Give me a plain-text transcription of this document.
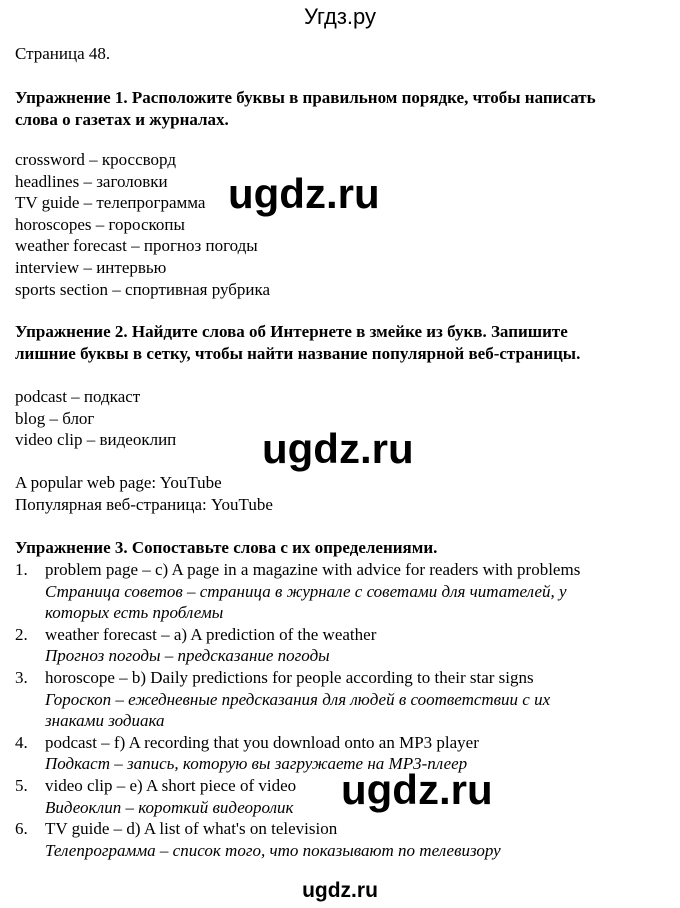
Угдз.ру
Страница 48.
Упражнение 1. Расположите буквы в правильном порядке, чтобы написать
слова о газетах и журналах.
crossword – кроссворд
headlines – заголовки
TV guide – телепрограмма
horoscopes – гороскопы
weather forecast – прогноз погоды
interview – интервью
sports section – спортивная рубрика
Упражнение 2. Найдите слова об Интернете в змейке из букв. Запишите
лишние буквы в сетку, чтобы найти название популярной веб-страницы.
podcast – подкаст
blog – блог
video clip – видеоклип
A popular web page: YouTube
Популярная веб-страница: YouTube
Упражнение 3. Сопоставьте слова с их определениями.
1. problem page – c) A page in a magazine with advice for readers with problems
Страница советов – страница в журнале с советами для читателей, у
которых есть проблемы
2. weather forecast – a) A prediction of the weather
Прогноз погоды – предсказание погоды
3. horoscope – b) Daily predictions for people according to their star signs
Гороскоп – ежедневные предсказания для людей в соответствии с их
знаками зодиака
4. podcast – f) A recording that you download onto an MP3 player
Подкаст – запись, которую вы загружаете на MP3-плеер
5. video clip – e) A short piece of video
Видеоклип – короткий видеоролик
6. TV guide – d) A list of what's on television
Телепрограмма – список того, что показывают по телевизору
ugdz.ru
ugdz.ru
ugdz.ru
ugdz.ru
